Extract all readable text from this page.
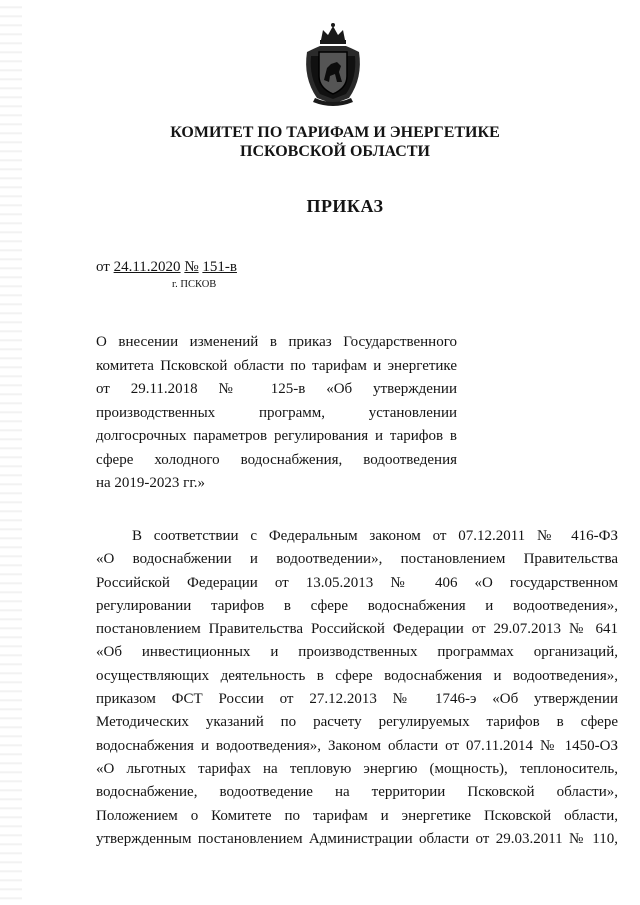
КОМИТЕТ ПО ТАРИФАМ И ЭНЕРГЕТИКЕ
ПСКОВСКОЙ ОБЛАСТИ
ПРИКАЗ
от 24.11.2020 № 151-в
г. ПСКОВ
О внесении изменений в приказ Государственного комитета Псковской области по тарифам и энергетике от 29.11.2018 № 125-в «Об утверждении производственных программ, установлении долгосрочных параметров регулирования и тарифов в сфере холодного водоснабжения, водоотведения
на 2019-2023 гг.»
В соответствии с Федеральным законом от 07.12.2011 № 416-ФЗ
«О водоснабжении и водоотведении», постановлением Правительства
Российской Федерации от 13.05.2013 № 406 «О государственном
регулировании тарифов в сфере водоснабжения и водоотведения»,
постановлением Правительства Российской Федерации от 29.07.2013 № 641
«Об инвестиционных и производственных программах организаций,
осуществляющих деятельность в сфере водоснабжения и водоотведения»,
приказом ФСТ России от 27.12.2013 № 1746-э «Об утверждении
Методических указаний по расчету регулируемых тарифов в сфере
водоснабжения и водоотведения», Законом области от 07.11.2014 № 1450-ОЗ
«О льготных тарифах на тепловую энергию (мощность), теплоноситель,
водоснабжение, водоотведение на территории Псковской области»,
Положением о Комитете по тарифам и энергетике Псковской области,
утвержденным постановлением Администрации области от 29.03.2011 № 110,
